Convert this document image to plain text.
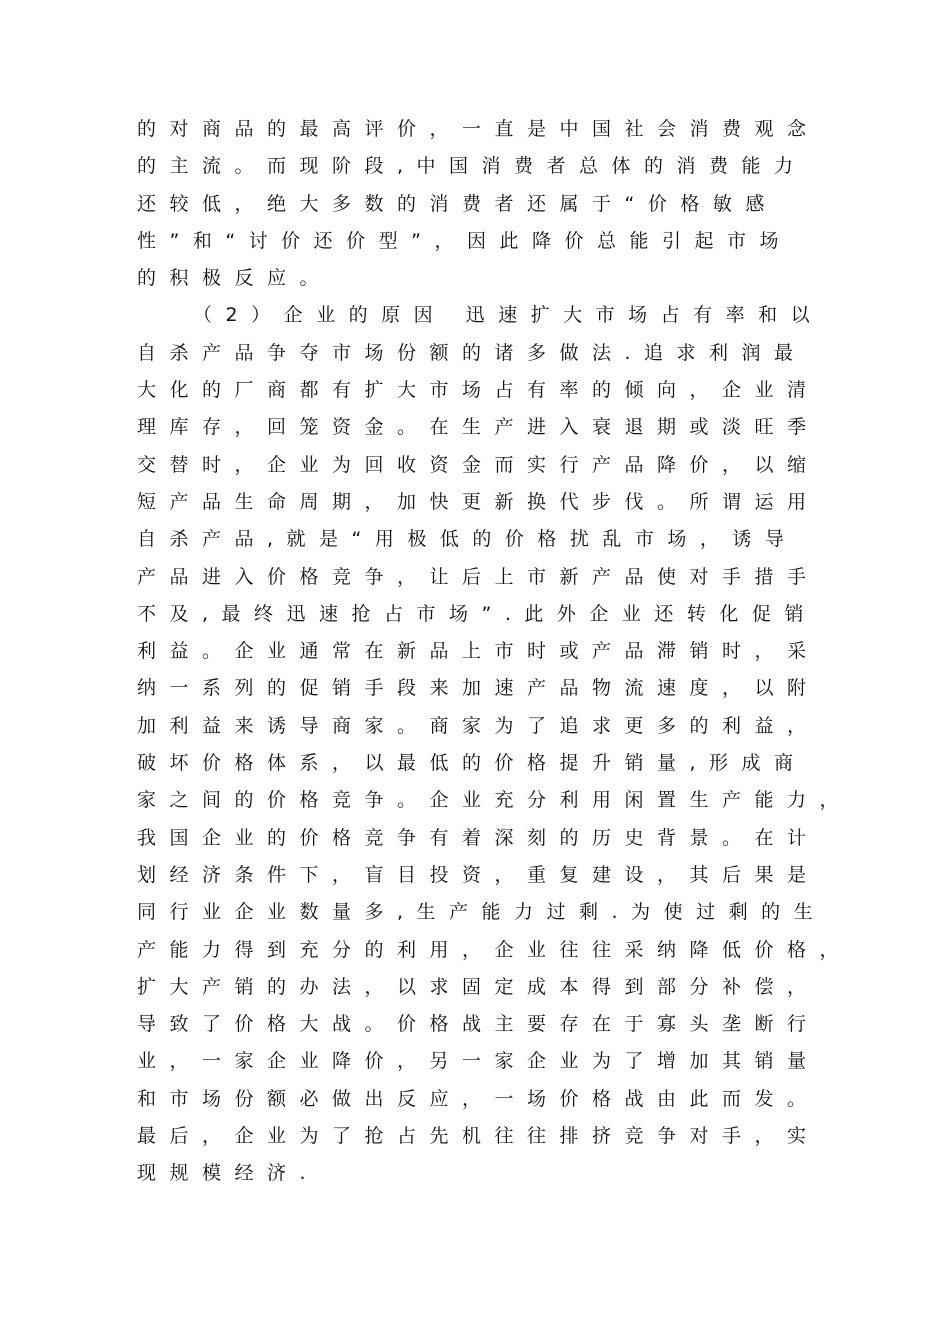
的对商品的最高评价，一直是中国社会消费观念
的主流。而现阶段,中国消费者总体的消费能力
还较低，绝大多数的消费者还属于“价格敏感
性”和“讨价还价型”，因此降价总能引起市场
的积极反应。
（2）企业的原因 迅速扩大市场占有率和以
自杀产品争夺市场份额的诸多做法.追求利润最
大化的厂商都有扩大市场占有率的倾向，企业清
理库存，回笼资金。在生产进入衰退期或淡旺季
交替时，企业为回收资金而实行产品降价，以缩
短产品生命周期，加快更新换代步伐。所谓运用
自杀产品,就是“用极低的价格扰乱市场，诱导
产品进入价格竞争，让后上市新产品使对手措手
不及,最终迅速抢占市场”.此外企业还转化促销
利益。企业通常在新品上市时或产品滞销时，采
纳一系列的促销手段来加速产品物流速度，以附
加利益来诱导商家。商家为了追求更多的利益，
破坏价格体系，以最低的价格提升销量,形成商
家之间的价格竞争。企业充分利用闲置生产能力，
我国企业的价格竞争有着深刻的历史背景。在计
划经济条件下，盲目投资，重复建设，其后果是
同行业企业数量多,生产能力过剩.为使过剩的生
产能力得到充分的利用，企业往往采纳降低价格，
扩大产销的办法，以求固定成本得到部分补偿，
导致了价格大战。价格战主要存在于寡头垄断行
业，一家企业降价，另一家企业为了增加其销量
和市场份额必做出反应，一场价格战由此而发。
最后，企业为了抢占先机往往排挤竞争对手，实
现规模经济.
